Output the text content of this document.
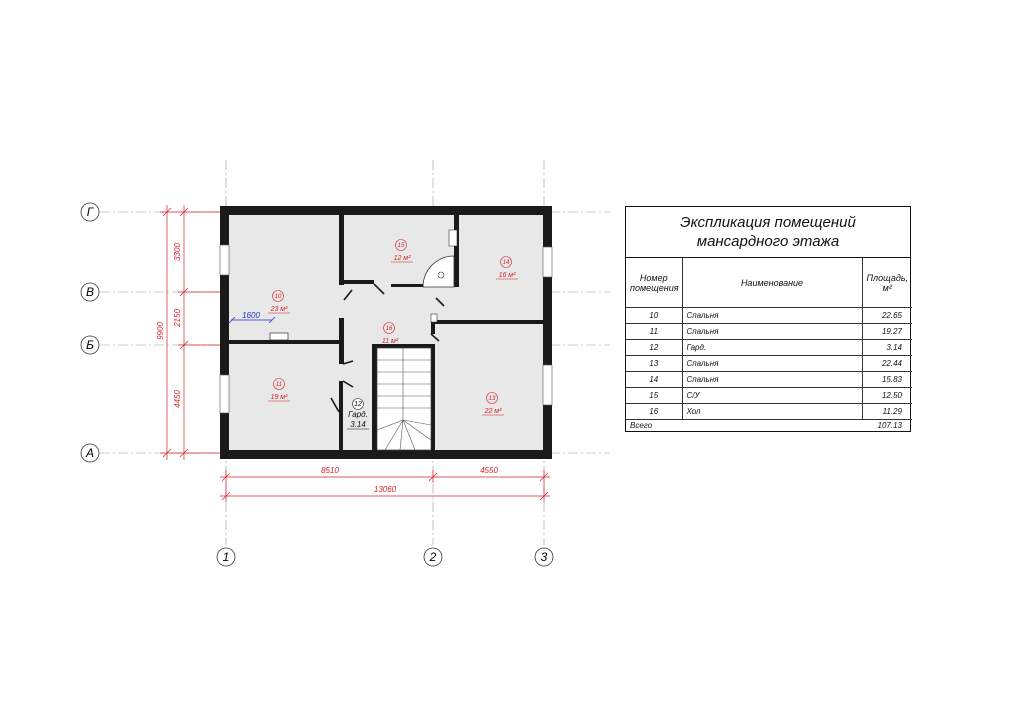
Г
В
Б
А
1	2	3
9900
3300
2150
4450
8510	4550
13060
1600
10
23 м²
11
19 м²
15
12 м²
16
11 м²
14
16 м²
13
22 м²
12
Гард.
3.14
Экспликация помещений
мансардного этажа
Номер помещения	Наименование	Площадь, м²
10	Спальня	22.65
11	Спальня	19.27
12	Гард.	3.14
13	Спальня	22.44
14	Спальня	15.83
15	С/У	12.50
16	Хол	11.29
Всего		107.13
